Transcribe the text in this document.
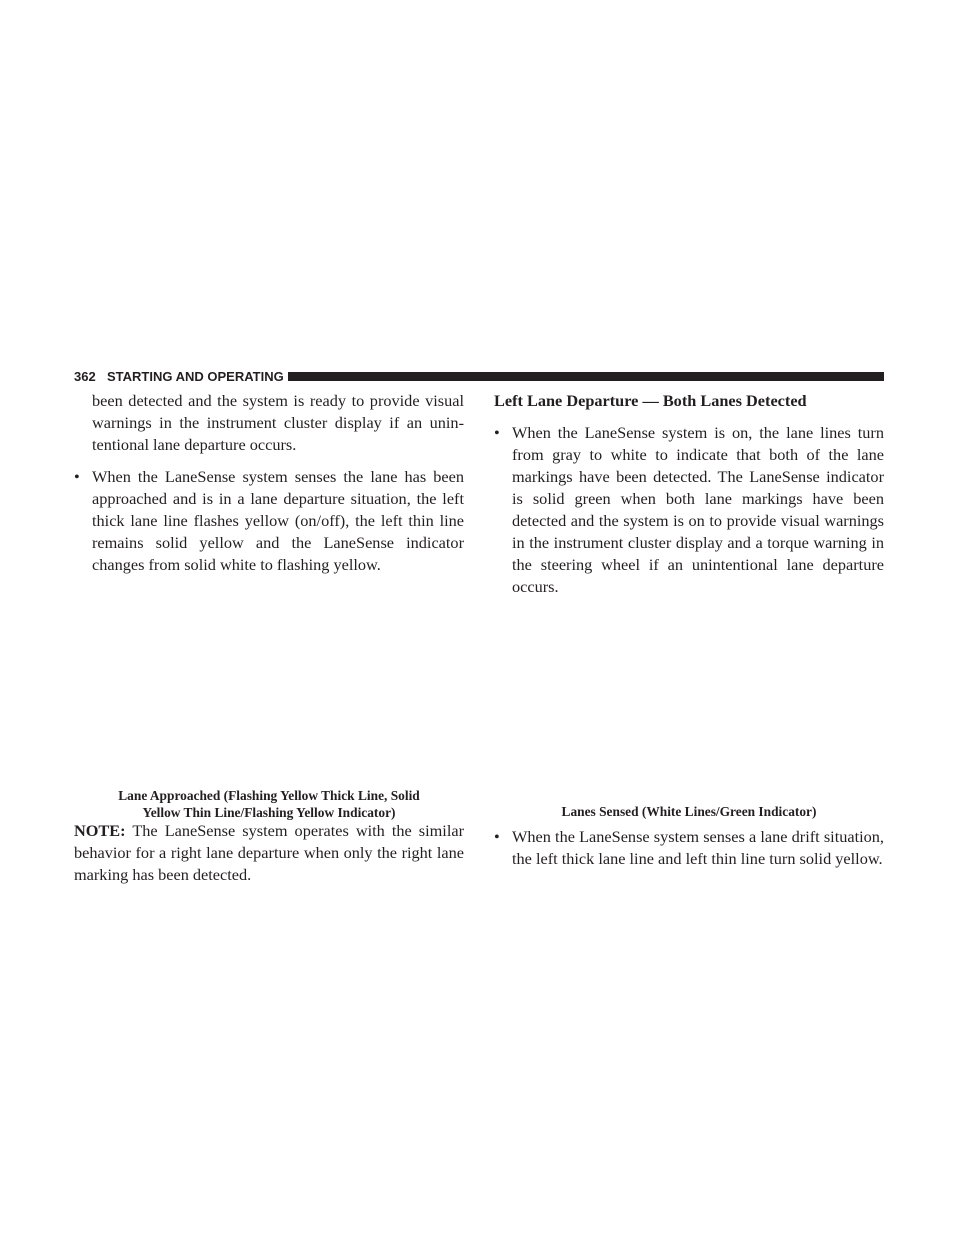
362 STARTING AND OPERATING

been detected and the system is ready to provide visual warnings in the instrument cluster display if an unin-tentional lane departure occurs.

• When the LaneSense system senses the lane has been approached and is in a lane departure situation, the left thick lane line flashes yellow (on/off), the left thin line remains solid yellow and the LaneSense indicator changes from solid white to flashing yellow.

Lane Approached (Flashing Yellow Thick Line, Solid
Yellow Thin Line/Flashing Yellow Indicator)

NOTE: The LaneSense system operates with the similar behavior for a right lane departure when only the right lane marking has been detected.

Left Lane Departure — Both Lanes Detected

• When the LaneSense system is on, the lane lines turn from gray to white to indicate that both of the lane markings have been detected. The LaneSense indicator is solid green when both lane markings have been detected and the system is on to provide visual warnings in the instrument cluster display and a torque warning in the steering wheel if an unintentional lane departure occurs.

Lanes Sensed (White Lines/Green Indicator)

• When the LaneSense system senses a lane drift situation, the left thick lane line and left thin line turn solid yellow.
